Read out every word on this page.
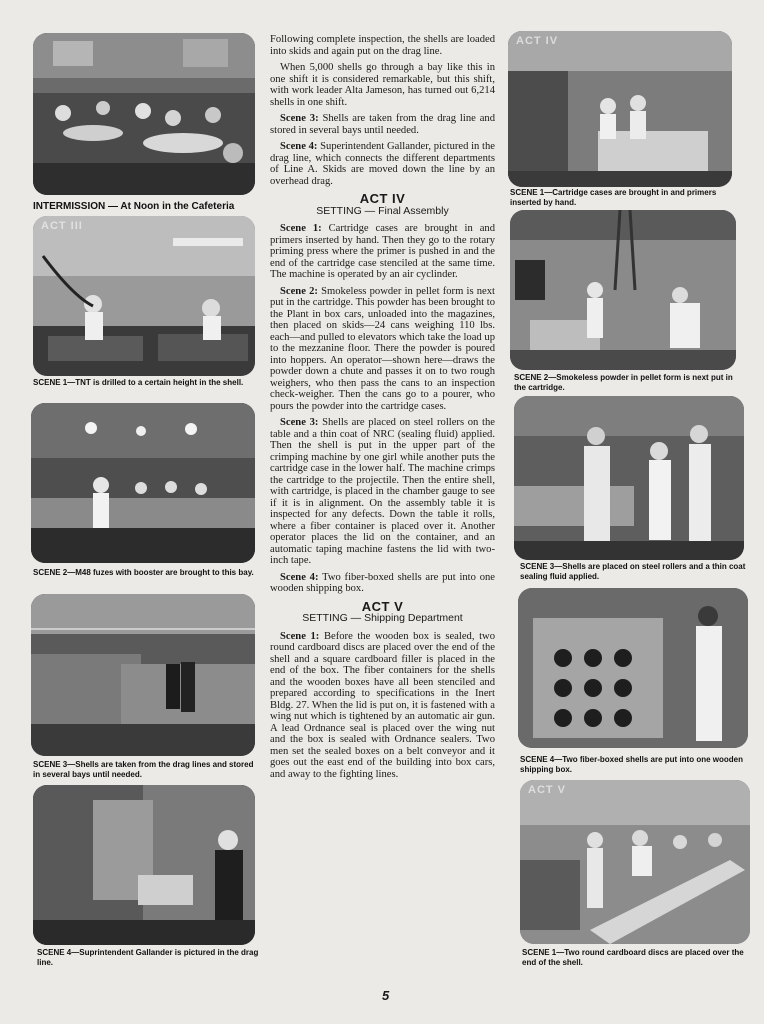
INTERMISSION — At Noon in the Cafeteria
ACT III
SCENE 1—TNT is drilled to a certain height in the shell.
SCENE 2—M48 fuzes with booster are brought to this bay.
SCENE 3—Shells are taken from the drag lines and stored in several bays until needed.
SCENE 4—Suprintendent Gallander is pictured in the drag line.

Following complete inspection, the shells are loaded into skids and again put on the drag line.

When 5,000 shells go through a bay like this in one shift it is considered remarkable, but this shift, with work leader Alta Jameson, has turned out 6,214 shells in one shift.

Scene 3: Shells are taken from the drag line and stored in several bays until needed.

Scene 4: Superintendent Gallander, pictured in the drag line, which connects the different departments of Line A. Skids are moved down the line by an overhead drag.

ACT IV
SETTING — Final Assembly

Scene 1: Cartridge cases are brought in and primers inserted by hand. Then they go to the rotary priming press where the primer is pushed in and the end of the cartridge case stenciled at the same time. The machine is operated by an air cyclinder.

Scene 2: Smokeless powder in pellet form is next put in the cartridge. This powder has been brought to the Plant in box cars, unloaded into the magazines, then placed on skids—24 cans weighing 110 lbs. each—and pulled to elevators which take the load up to the mezzanine floor. There the powder is poured into hoppers. An operator—shown here—draws the powder down a chute and passes it on to two rough weighers, who then pass the cans to an inspection check-weigher. Then the cans go to a pourer, who pours the powder into the cartridge cases.

Scene 3: Shells are placed on steel rollers on the table and a thin coat of NRC (sealing fluid) applied. Then the shell is put in the upper part of the crimping machine by one girl while another puts the cartridge case in the lower half. The machine crimps the cartridge to the projectile. Then the entire shell, with cartridge, is placed in the chamber gauge to see if it is in alignment. On the assembly table it is inspected for any defects. Down the table it rolls, where a fiber container is placed over it. Another operator places the lid on the container, and an automatic taping machine fastens the lid with two-inch tape.

Scene 4: Two fiber-boxed shells are put into one wooden shipping box.

ACT V
SETTING — Shipping Department

Scene 1: Before the wooden box is sealed, two round cardboard discs are placed over the end of the shell and a square cardboard filler is placed in the end of the box. The fiber containers for the shells and the wooden boxes have all been stenciled and prepared according to specifications in the Inert Bldg. 27. When the lid is put on, it is fastened with a wing nut which is tightened by an automatic air gun. A lead Ordnance seal is placed over the wing nut and the box is sealed with Ordnance sealers. Two men set the sealed boxes on a belt conveyor and it goes out the east end of the building into box cars, and away to the fighting lines.

ACT IV
SCENE 1—Cartridge cases are brought in and primers inserted by hand.
SCENE 2—Smokeless powder in pellet form is next put in the cartridge.
SCENE 3—Shells are placed on steel rollers and a thin coat sealing fluid applied.
SCENE 4—Two fiber-boxed shells are put into one wooden shipping box.
ACT V
SCENE 1—Two round cardboard discs are placed over the end of the shell.
5
